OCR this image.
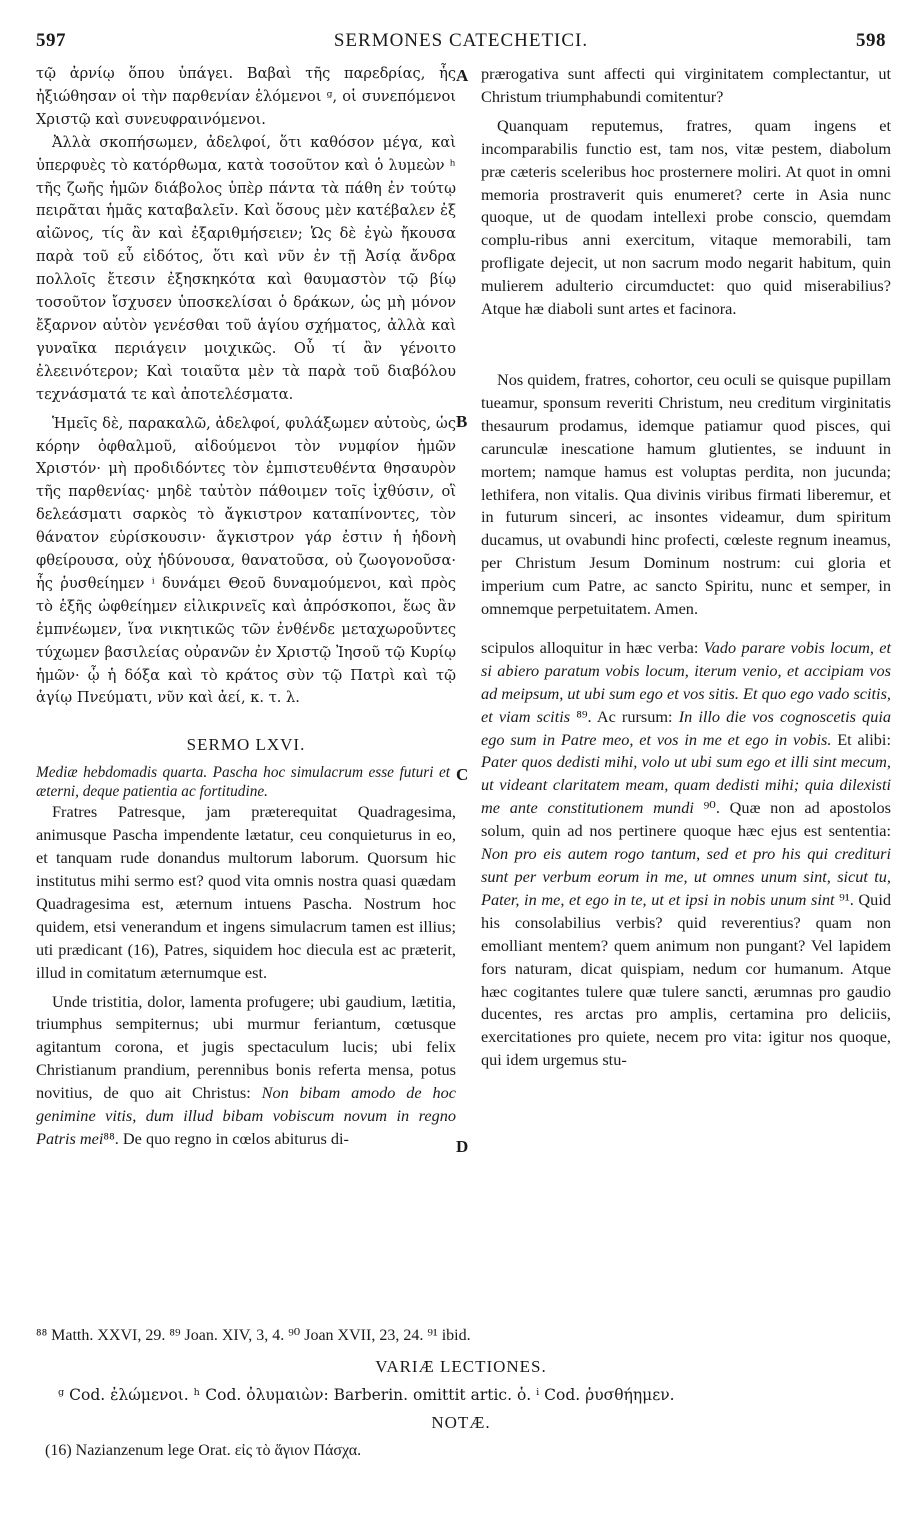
597	SERMONES CATECHETICI.	598

τῷ ἀρνίῳ ὅπου ὑπάγει. Βαβαὶ τῆς παρεδρίας, ἧς ἠξιώθησαν οἱ τὴν παρθενίαν ἑλόμενοι ᵍ, οἱ συνεπόμενοι Χριστῷ καὶ συνευφραινόμενοι.

Ἀλλὰ σκοπήσωμεν, ἀδελφοί, ὅτι καθόσον μέγα, καὶ ὑπερφυὲς τὸ κατόρθωμα, κατὰ τοσοῦτον καὶ ὁ λυμεὼν ʰ τῆς ζωῆς ἡμῶν διάβολος ὑπὲρ πάντα τὰ πάθη ἐν τούτῳ πειρᾶται ἡμᾶς καταβαλεῖν. Καὶ ὅσους μὲν κατέβαλεν ἐξ αἰῶνος, τίς ἂν καὶ ἐξαριθμήσειεν; Ὡς δὲ ἐγὼ ἤκουσα παρὰ τοῦ εὖ εἰδότος, ὅτι καὶ νῦν ἐν τῇ Ἀσίᾳ ἄνδρα πολλοῖς ἔτεσιν ἐξησκηκότα καὶ θαυμαστὸν τῷ βίῳ τοσοῦτον ἴσχυσεν ὑποσκελίσαι ὁ δράκων, ὡς μὴ μόνον ἔξαρνον αὐτὸν γενέσθαι τοῦ ἁγίου σχήματος, ἀλλὰ καὶ γυναῖκα περιάγειν μοιχικῶς. Οὗ τί ἂν γένοιτο ἐλεεινότερον; Καὶ τοιαῦτα μὲν τὰ παρὰ τοῦ διαβόλου τεχνάσματά τε καὶ ἀποτελέσματα.

Ἡμεῖς δὲ, παρακαλῶ, ἀδελφοί, φυλάξωμεν αὐτοὺς, ὡς κόρην ὀφθαλμοῦ, αἰδούμενοι τὸν νυμφίον ἡμῶν Χριστόν· μὴ προδιδόντες τὸν ἐμπιστευθέντα θησαυρὸν τῆς παρθενίας· μηδὲ ταὐτὸν πάθοιμεν τοῖς ἰχθύσιν, οἳ δελεάσματι σαρκὸς τὸ ἄγκιστρον καταπίνοντες, τὸν θάνατον εὑρίσκουσιν· ἄγκιστρον γάρ ἐστιν ἡ ἡδονὴ φθείρουσα, οὐχ ἡδύνουσα, θανατοῦσα, οὐ ζωογονοῦσα· ἧς ῥυσθείημεν ⁱ δυνάμει Θεοῦ δυναμούμενοι, καὶ πρὸς τὸ ἑξῆς ὠφθείημεν εἰλικρινεῖς καὶ ἀπρόσκοποι, ἕως ἂν ἐμπνέωμεν, ἵνα νικητικῶς τῶν ἐνθένδε μεταχωροῦντες τύχωμεν βασιλείας οὐρανῶν ἐν Χριστῷ Ἰησοῦ τῷ Κυρίῳ ἡμῶν· ᾧ ἡ δόξα καὶ τὸ κράτος σὺν τῷ Πατρὶ καὶ τῷ ἁγίῳ Πνεύματι, νῦν καὶ ἀεί, κ. τ. λ.

SERMO LXVI.

Mediæ hebdomadis quarta. Pascha hoc simulacrum esse futuri et æterni, deque patientia ac fortitudine.

Fratres Patresque, jam præterequitat Quadragesima, animusque Pascha impendente lætatur, ceu conquieturus in eo, et tanquam rude donandus multorum laborum. Quorsum hic institutus mihi sermo est? quod vita omnis nostra quasi quædam Quadragesima est, æternum intuens Pascha. Nostrum hoc quidem, etsi venerandum et ingens simulacrum tamen est illius; uti prædicant (16), Patres, siquidem hoc diecula est ac præterit, illud in comitatum æternumque est.

Unde tristitia, dolor, lamenta profugere; ubi gaudium, lætitia, triumphus sempiternus; ubi murmur feriantum, cœtusque agitantum corona, et jugis spectaculum lucis; ubi felix Christianum prandium, perennibus bonis referta mensa, potus novitius, de quo ait Christus: Non bibam amodo de hoc genimine vitis, dum illud bibam vobiscum novum in regno Patris mei⁸⁸. De quo regno in cœlos abiturus di-

A
B
C
D

prærogativa sunt affecti qui virginitatem complectantur, ut Christum triumphabundi comitentur?

Quanquam reputemus, fratres, quam ingens et incomparabilis functio est, tam nos, vitæ pestem, diabolum præ cæteris sceleribus hoc prosternere moliri. At quot in omni memoria prostraverit quis enumeret? certe in Asia nunc quoque, ut de quodam intellexi probe conscio, quemdam complu-ribus anni exercitum, vitaque memorabili, tam profligate dejecit, ut non sacrum modo negarit habitum, quin mulierem adulterio circumductet: quo quid miserabilius? Atque hæ diaboli sunt artes et facinora.

Nos quidem, fratres, cohortor, ceu oculi se quisque pupillam tueamur, sponsum reveriti Christum, neu creditum virginitatis thesaurum prodamus, idemque patiamur quod pisces, qui carunculæ inescatione hamum glutientes, se induunt in mortem; namque hamus est voluptas perdita, non jucunda; lethifera, non vitalis. Qua divinis viribus firmati liberemur, et in futurum sinceri, ac insontes videamur, dum spiritum ducamus, ut ovabundi hinc profecti, cœleste regnum ineamus, per Christum Jesum Dominum nostrum: cui gloria et imperium cum Patre, ac sancto Spiritu, nunc et semper, in omnemque perpetuitatem. Amen.

scipulos alloquitur in hæc verba: Vado parare vobis locum, et si abiero paratum vobis locum, iterum venio, et accipiam vos ad meipsum, ut ubi sum ego et vos sitis. Et quo ego vado scitis, et viam scitis ⁸⁹. Ac rursum: In illo die vos cognoscetis quia ego sum in Patre meo, et vos in me et ego in vobis. Et alibi: Pater quos dedisti mihi, volo ut ubi sum ego et illi sint mecum, ut videant claritatem meam, quam dedisti mihi; quia dilexisti me ante constitutionem mundi ⁹⁰. Quæ non ad apostolos solum, quin ad nos pertinere quoque hæc ejus est sententia: Non pro eis autem rogo tantum, sed et pro his qui credituri sunt per verbum eorum in me, ut omnes unum sint, sicut tu, Pater, in me, et ego in te, ut et ipsi in nobis unum sint ⁹¹. Quid his consolabilius verbis? quid reverentius? quam non emolliant mentem? quem animum non pungant? Vel lapidem fors naturam, dicat quispiam, nedum cor humanum. Atque hæc cogitantes tulere quæ tulere sancti, ærumnas pro gaudio ducentes, res arctas pro amplis, certamina pro deliciis, exercitationes pro quiete, necem pro vita: igitur nos quoque, qui idem urgemus stu-

⁸⁸ Matth. XXVI, 29. ⁸⁹ Joan. XIV, 3, 4. ⁹⁰ Joan XVII, 23, 24. ⁹¹ ibid.
VARIÆ LECTIONES.
ᵍ Cod. ἐλώμενοι. ʰ Cod. ὀλυμαιὼν: Barberin. omittit artic. ὁ. ⁱ Cod. ῥυσθήημεν.
NOTÆ.
(16) Nazianzenum lege Orat. εἰς τὸ ἅγιον Πάσχα.
